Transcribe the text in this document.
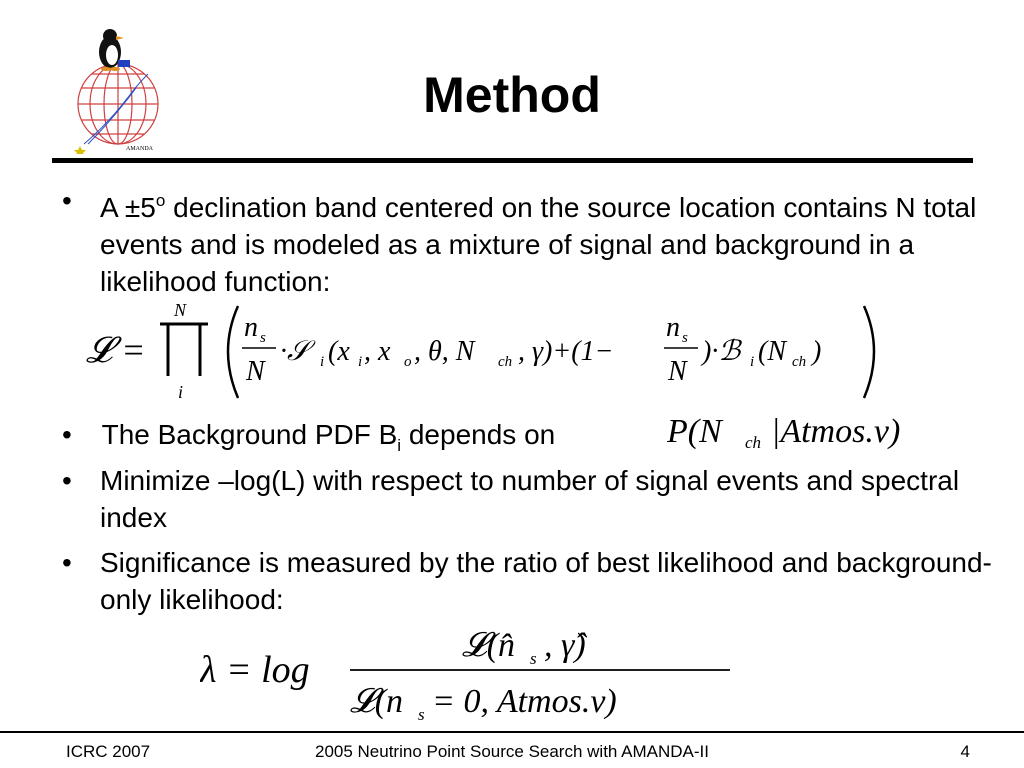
AMANDA
Method
• $A \pm 5^o$ declination band centered on the source location contains N total events and is modeled as a mixture of signal and background in a likelihood function:
𝓛 =
N
i
n s
N
·𝒮 i (x i , x o , θ, N ch , γ)+(1−
n s
N
)·ℬ i (N ch )
• The Background PDF $B_i$ depends on	P(N ch |Atmos.ν)
• Minimize –log(L) with respect to number of signal events and spectral index
• Significance is measured by the ratio of best likelihood and background-only likelihood:
λ = log
𝓛(n̂ s , γ̂)
𝓛(n s = 0, Atmos.ν)
ICRC 2007	2005 Neutrino Point Source Search with AMANDA-II	4
